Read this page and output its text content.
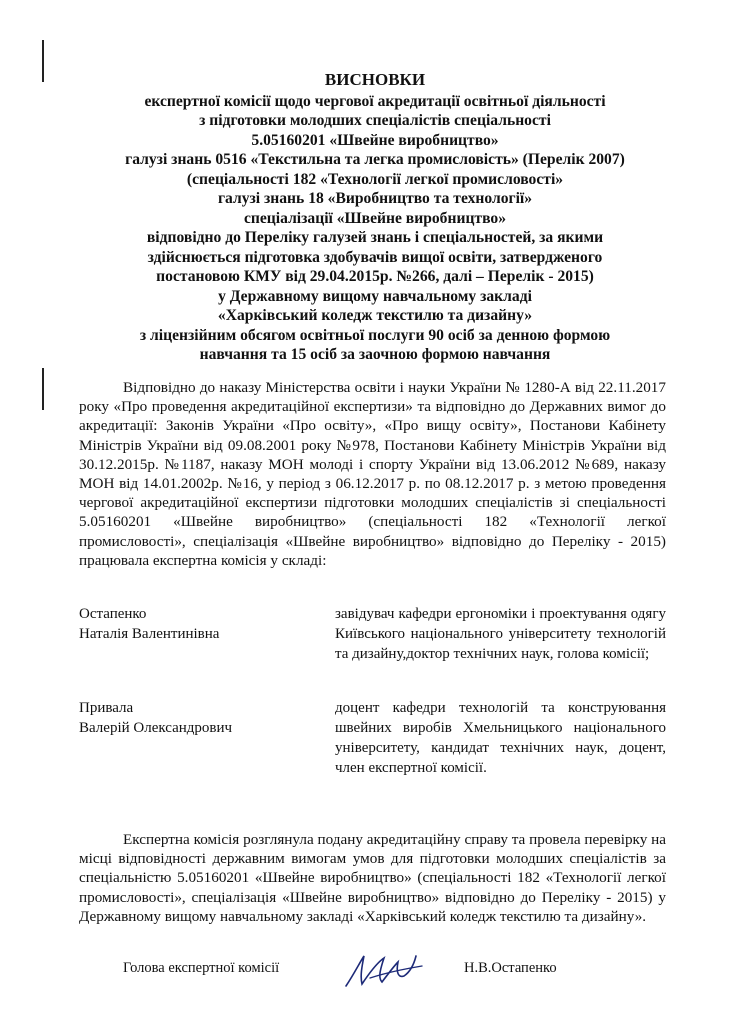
ВИСНОВКИ
експертної комісії щодо чергової акредитації освітньої діяльності
з підготовки молодших спеціалістів спеціальності
5.05160201 «Швейне виробництво»
галузі знань 0516 «Текстильна та легка промисловість» (Перелік 2007)
(спеціальності 182 «Технології легкої промисловості»
галузі знань 18 «Виробництво та технології»
спеціалізації «Швейне виробництво»
відповідно до Переліку галузей знань і спеціальностей, за якими
здійснюється підготовка здобувачів вищої освіти, затвердженого
постановою КМУ від 29.04.2015р. №266, далі – Перелік - 2015)
у Державному вищому навчальному закладі
«Харківський коледж текстилю та дизайну»
з ліцензійним обсягом освітньої послуги 90 осіб за денною формою
навчання та 15 осіб за заочною формою навчання
Відповідно до наказу Міністерства освіти і науки України № 1280-А від 22.11.2017 року «Про проведення акредитаційної експертизи» та відповідно до Державних вимог до акредитації: Законів України «Про освіту», «Про вищу освіту», Постанови Кабінету Міністрів України від 09.08.2001 року №978, Постанови Кабінету Міністрів України від 30.12.2015р. №1187, наказу МОН молоді і спорту України від 13.06.2012 №689, наказу МОН від 14.01.2002р. №16, у період з 06.12.2017 р. по 08.12.2017 р. з метою проведення чергової акредитаційної експертизи підготовки молодших спеціалістів зі спеціальності 5.05160201 «Швейне виробництво» (спеціальності 182 «Технології легкої промисловості», спеціалізація «Швейне виробництво» відповідно до Переліку - 2015) працювала експертна комісія у складі:
Остапенко
Наталія Валентинівна
завідувач кафедри ергономіки і проектування одягу Київського національного університету технологій та дизайну,доктор технічних наук, голова комісії;
Привала
Валерій Олександрович
доцент кафедри технологій та конструювання швейних виробів Хмельницького національного університету, кандидат технічних наук, доцент, член експертної комісії.
Експертна комісія розглянула подану акредитаційну справу та провела перевірку на місці відповідності державним вимогам умов для підготовки молодших спеціалістів за спеціальністю 5.05160201 «Швейне виробництво» (спеціальності 182 «Технології легкої промисловості», спеціалізація «Швейне виробництво» відповідно до Переліку - 2015) у Державному вищому навчальному закладі «Харківський коледж текстилю та дизайну».
Голова експертної комісії	Н.В.Остапенко
